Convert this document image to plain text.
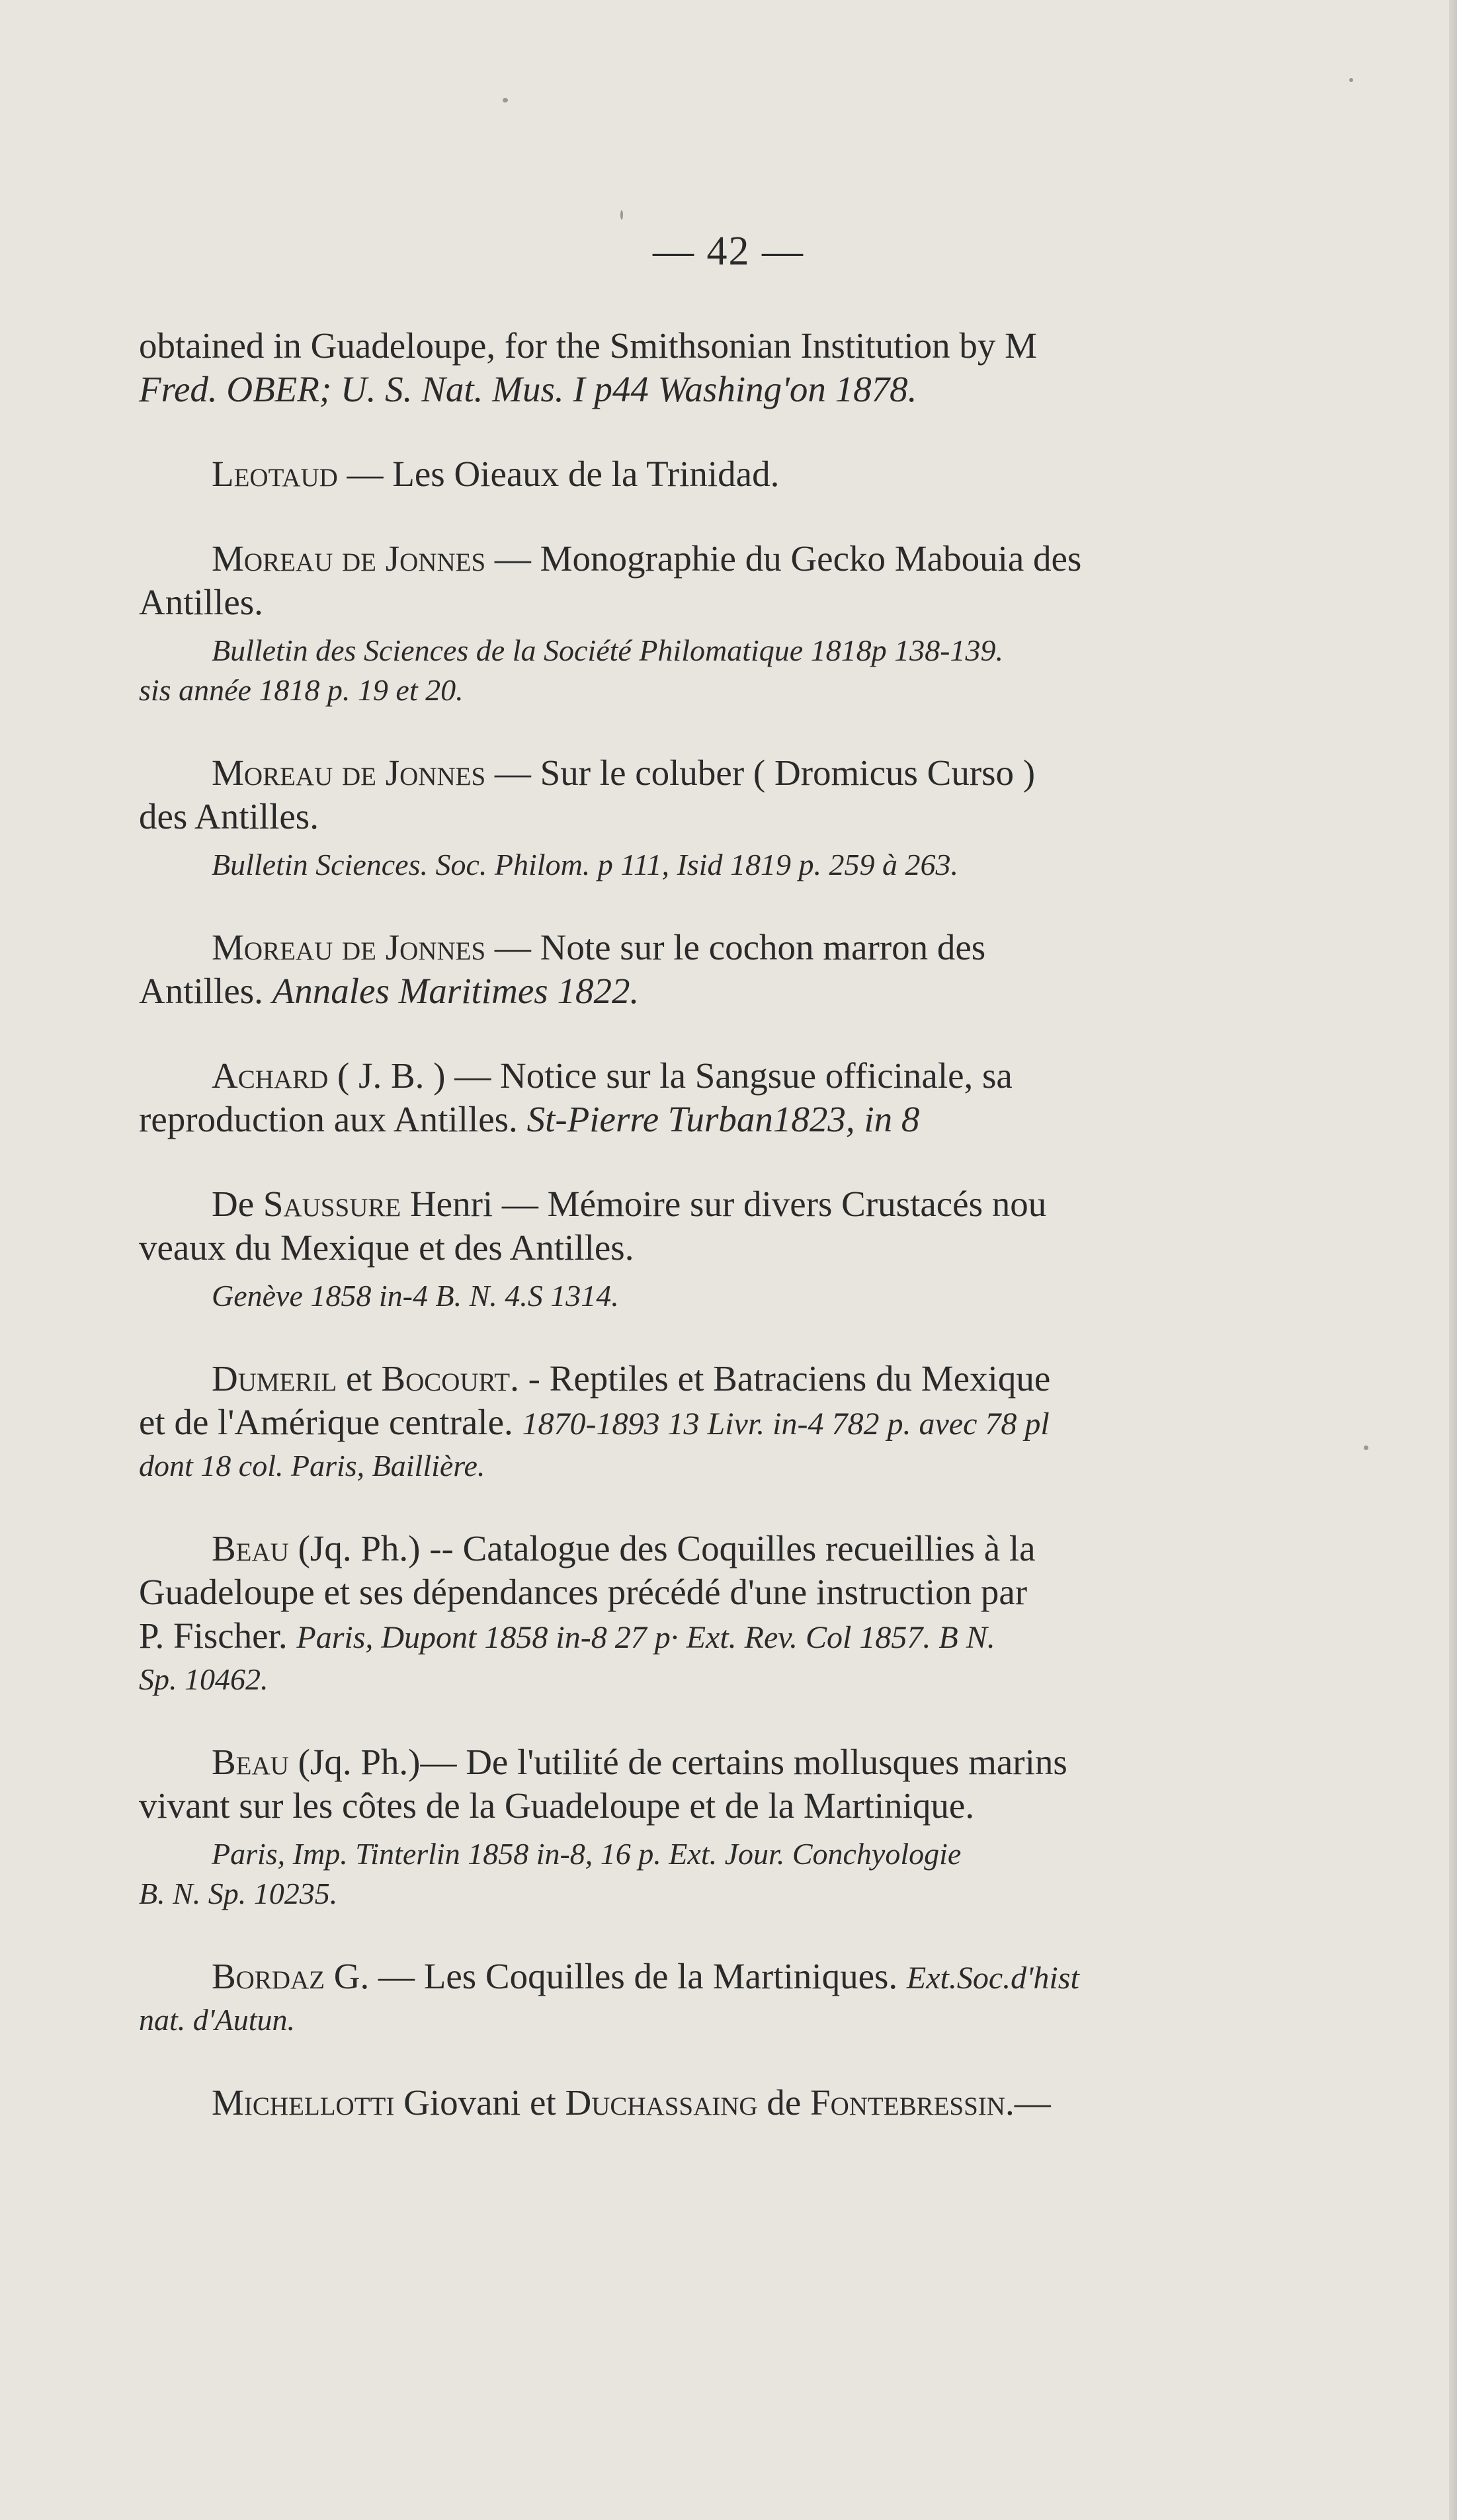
— 42 —
obtained in Guadeloupe, for the Smithsonian Institution by M
Fred. OBER; U. S. Nat. Mus. I p44 Washing'on 1878.
Leotaud — Les Oieaux de la Trinidad.
Moreau de Jonnes — Monographie du Gecko Mabouia des
Antilles.
Bulletin des Sciences de la Société Philomatique 1818p 138-139.
sis année 1818 p. 19 et 20.
Moreau de Jonnes — Sur le coluber ( Dromicus Curso )
des Antilles.
Bulletin Sciences. Soc. Philom. p 111, Isid 1819 p. 259 à 263.
Moreau de Jonnes — Note sur le cochon marron des
Antilles. Annales Maritimes 1822.
Achard ( J. B. ) — Notice sur la Sangsue officinale, sa
reproduction aux Antilles. St-Pierre Turban1823, in 8
De Saussure Henri — Mémoire sur divers Crustacés nou
veaux du Mexique et des Antilles.
Genève 1858 in-4 B. N. 4.S 1314.
Dumeril et Bocourt. - Reptiles et Batraciens du Mexique
et de l'Amérique centrale. 1870-1893 13 Livr. in-4 782 p. avec 78 pl
dont 18 col. Paris, Baillière.
Beau (Jq. Ph.) -- Catalogue des Coquilles recueillies à la
Guadeloupe et ses dépendances précédé d'une instruction par
P. Fischer. Paris, Dupont 1858 in-8 27 p· Ext. Rev. Col 1857. B N.
Sp. 10462.
Beau (Jq. Ph.)— De l'utilité de certains mollusques marins
vivant sur les côtes de la Guadeloupe et de la Martinique.
Paris, Imp. Tinterlin 1858 in-8, 16 p. Ext. Jour. Conchyologie
B. N. Sp. 10235.
Bordaz G. — Les Coquilles de la Martiniques. Ext.Soc.d'hist
nat. d'Autun.
Michellotti Giovani et Duchassaing de Fontebressin.—
